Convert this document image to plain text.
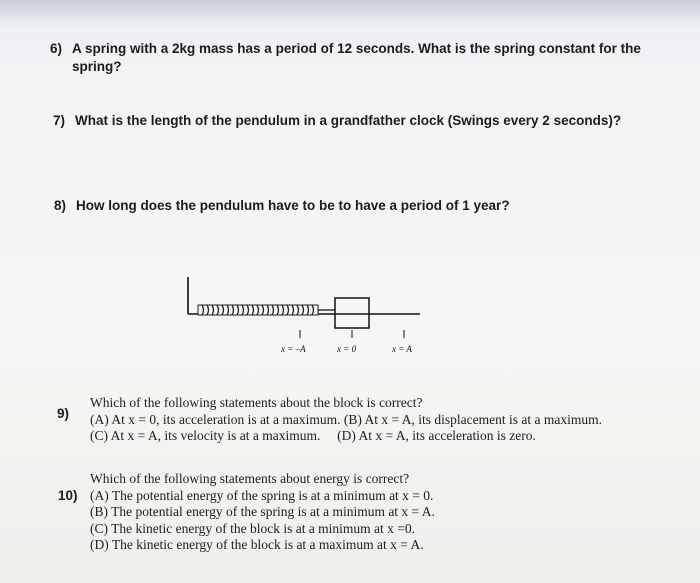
6) A spring with a 2kg mass has a period of 12 seconds. What is the spring constant for the
spring?
7) What is the length of the pendulum in a grandfather clock (Swings every 2 seconds)?
8) How long does the pendulum have to be to have a period of 1 year?
x = –A	x = 0	x = A
9)
Which of the following statements about the block is correct?
(A) At x = 0, its acceleration is at a maximum. (B) At x = A, its displacement is at a maximum.
(C) At x = A, its velocity is at a maximum. (D) At x = A, its acceleration is zero.
10)
Which of the following statements about energy is correct?
(A) The potential energy of the spring is at a minimum at x = 0.
(B) The potential energy of the spring is at a minimum at x = A.
(C) The kinetic energy of the block is at a minimum at x =0.
(D) The kinetic energy of the block is at a maximum at x = A.
